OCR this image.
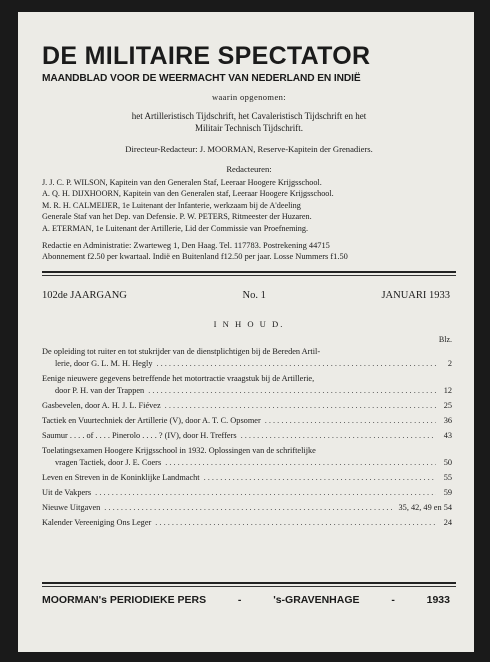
DE MILITAIRE SPECTATOR
MAANDBLAD VOOR DE WEERMACHT VAN NEDERLAND EN INDIË
waarin opgenomen:
het Artilleristisch Tijdschrift, het Cavaleristisch Tijdschrift en het
Militair Technisch Tijdschrift.
Directeur-Redacteur: J. MOORMAN, Reserve-Kapitein der Grenadiers.
Redacteuren:
J. J. C. P. WILSON, Kapitein van den Generalen Staf, Leeraar Hoogere Krijgsschool.
A. Q. H. DIJXHOORN, Kapitein van den Generalen staf, Leeraar Hoogere Krijgsschool.
M. R. H. CALMEIJER, 1e Luitenant der Infanterie, werkzaam bij de A'deeling
Generale Staf van het Dep. van Defensie. P. W. PETERS, Ritmeester der Huzaren.
A. ETERMAN, 1e Luitenant der Artillerie, Lid der Commissie van Proefneming.
Redactie en Administratie: Zwarteweg 1, Den Haag. Tel. 117783. Postrekening 44715
Abonnement f2.50 per kwartaal. Indië en Buitenland f12.50 per jaar. Losse Nummers f1.50
102de JAARGANG	No. 1	JANUARI 1933
I N H O U D.
Blz.
De opleiding tot ruiter en tot stukrijder van de dienstplichtigen bij de Bereden Artil-
lerie, door G. L. M. H. Hegly . . .	2
Eenige nieuwere gegevens betreffende het motortractie vraagstuk bij de Artillerie,
door P. H. van der Trappen . . .	12
Gasbevelen, door A. H. J. L. Fiévez . . .	25
Tactiek en Vuurtechniek der Artillerie (V), door A. T. C. Opsomer . . .	36
Saumur . . . . of . . . . Pinerolo . . . . ? (IV), door H. Treffers . . .	43
Toelatingsexamen Hoogere Krijgsschool in 1932. Oplossingen van de schriftelijke
vragen Tactiek, door J. E. Coers . . .	50
Leven en Streven in de Koninklijke Landmacht . . .	55
Uit de Vakpers . . .	59
Nieuwe Uitgaven . . .	35, 42, 49 en 54
Kalender Vereeniging Ons Leger . . .	24
MOORMAN's PERIODIEKE PERS	-	's-GRAVENHAGE	-	1933
